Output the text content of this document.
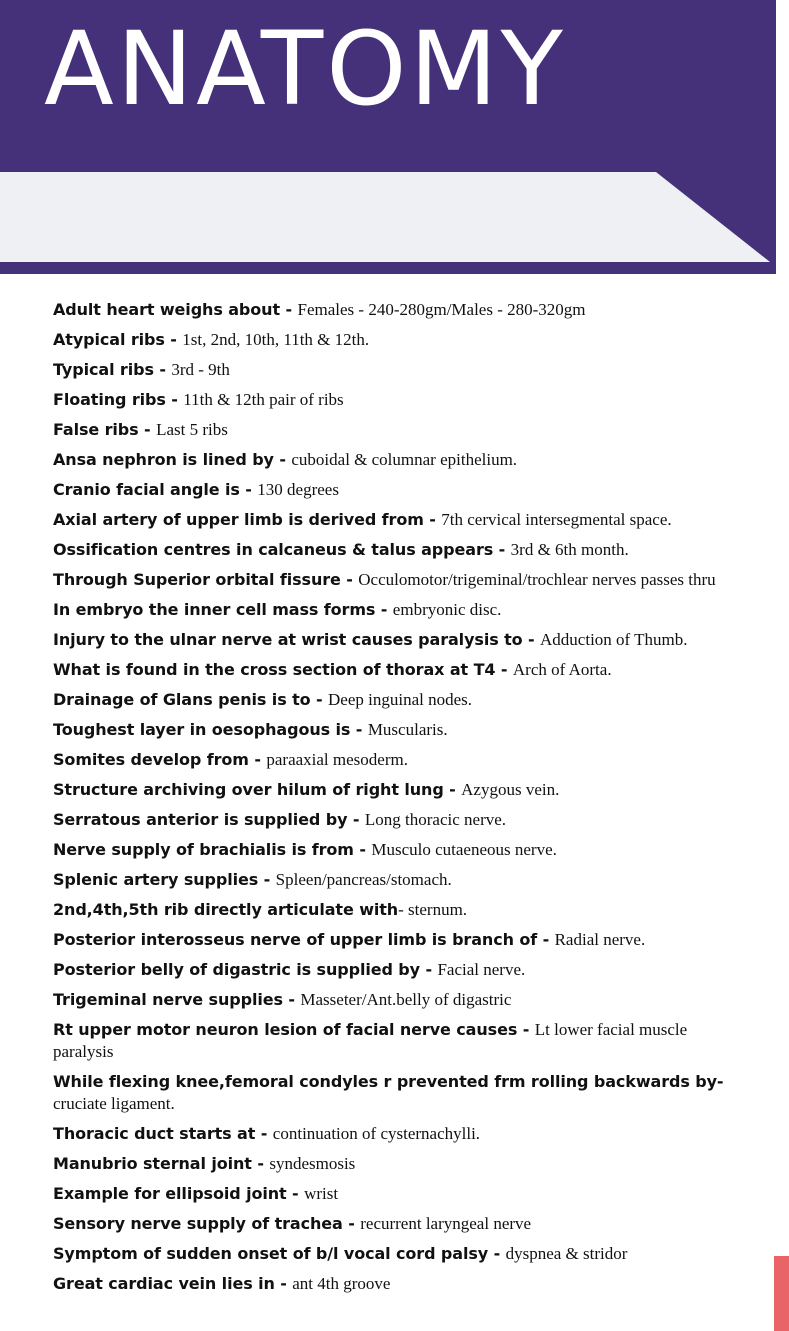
ANATOMY
Adult heart weighs about - Females - 240-280gm/Males - 280-320gm
Atypical ribs - 1st, 2nd, 10th, 11th & 12th.
Typical ribs - 3rd - 9th
Floating ribs - 11th & 12th pair of ribs
False ribs - Last 5 ribs
Ansa nephron is lined by - cuboidal & columnar epithelium.
Cranio facial angle is - 130 degrees
Axial artery of upper limb is derived from - 7th cervical intersegmental space.
Ossification centres in calcaneus & talus appears - 3rd & 6th month.
Through Superior orbital fissure - Occulomotor/trigeminal/trochlear nerves passes thru
In embryo the inner cell mass forms - embryonic disc.
Injury to the ulnar nerve at wrist causes paralysis to - Adduction of Thumb.
What is found in the cross section of thorax at T4 - Arch of Aorta.
Drainage of Glans penis is to - Deep inguinal nodes.
Toughest layer in oesophagous is - Muscularis.
Somites develop from - paraaxial mesoderm.
Structure archiving over hilum of right lung - Azygous vein.
Serratous anterior is supplied by - Long thoracic nerve.
Nerve supply of brachialis is from - Musculo cutaeneous nerve.
Splenic artery supplies - Spleen/pancreas/stomach.
2nd,4th,5th rib directly articulate with- sternum.
Posterior interosseus nerve of upper limb is branch of - Radial nerve.
Posterior belly of digastric is supplied by - Facial nerve.
Trigeminal nerve supplies - Masseter/Ant.belly of digastric
Rt upper motor neuron lesion of facial nerve causes - Lt lower facial muscle paralysis
While flexing knee,femoral condyles r prevented frm rolling backwards by- cruciate ligament.
Thoracic duct starts at - continuation of cysternachylli.
Manubrio sternal joint - syndesmosis
Example for ellipsoid joint - wrist
Sensory nerve supply of trachea - recurrent laryngeal nerve
Symptom of sudden onset of b/l vocal cord palsy - dyspnea & stridor
Great cardiac vein lies in - ant 4th groove
